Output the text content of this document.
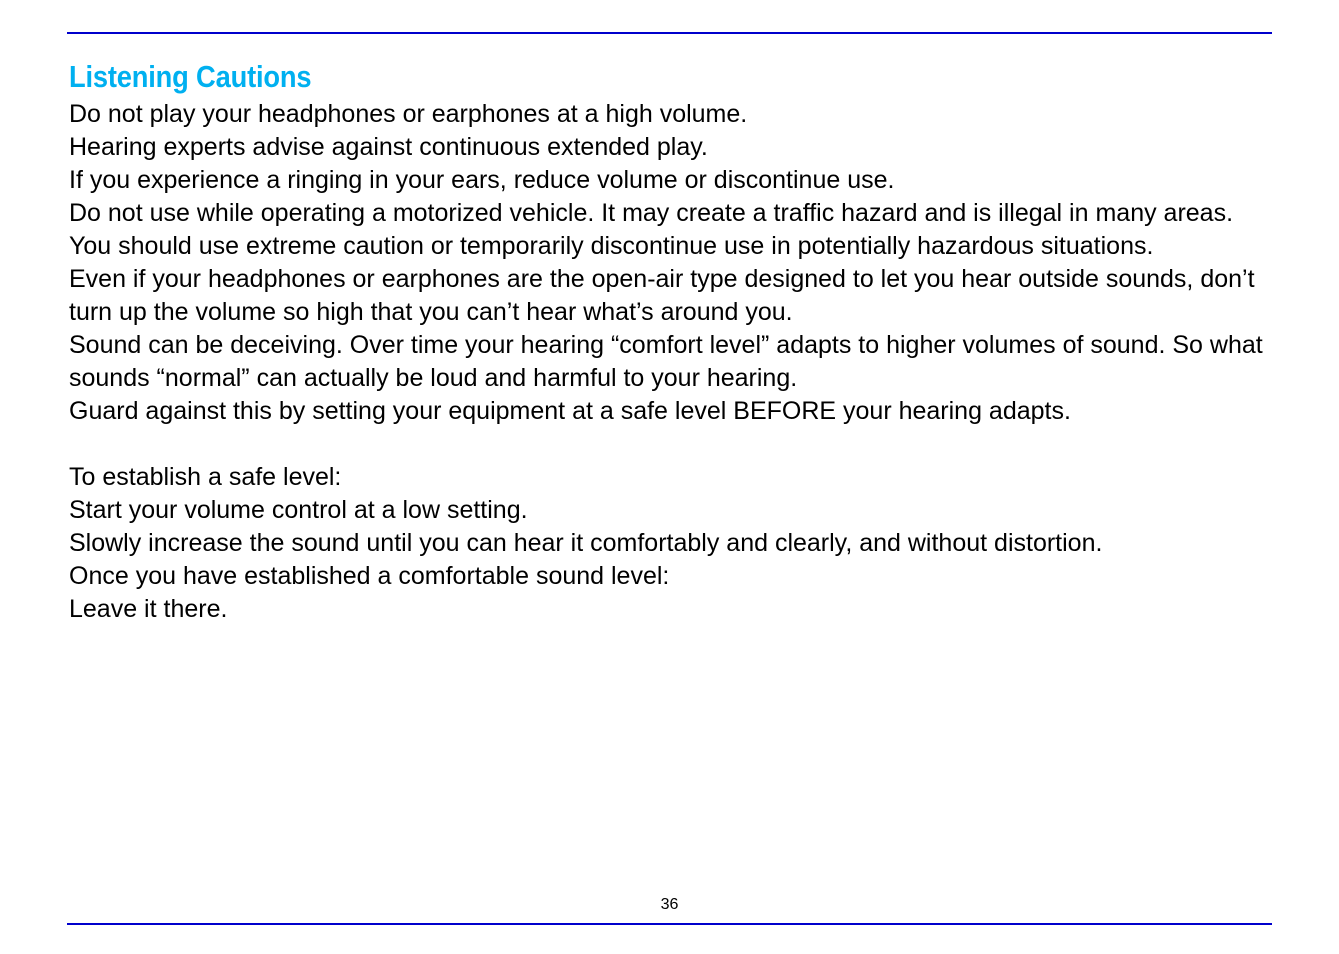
Listening Cautions

Do not play your headphones or earphones at a high volume.

Hearing experts advise against continuous extended play.

If you experience a ringing in your ears, reduce volume or discontinue use.

Do not use while operating a motorized vehicle. It may create a traffic hazard and is illegal in many areas.

You should use extreme caution or temporarily discontinue use in potentially hazardous situations.

Even if your headphones or earphones are the open-air type designed to let you hear outside sounds, don’t turn up the volume so high that you can’t hear what’s around you.

Sound can be deceiving. Over time your hearing “comfort level” adapts to higher volumes of sound. So what sounds “normal” can actually be loud and harmful to your hearing.

Guard against this by setting your equipment at a safe level BEFORE your hearing adapts.

To establish a safe level:

Start your volume control at a low setting.

Slowly increase the sound until you can hear it comfortably and clearly, and without distortion.

Once you have established a comfortable sound level:

Leave it there.

36
